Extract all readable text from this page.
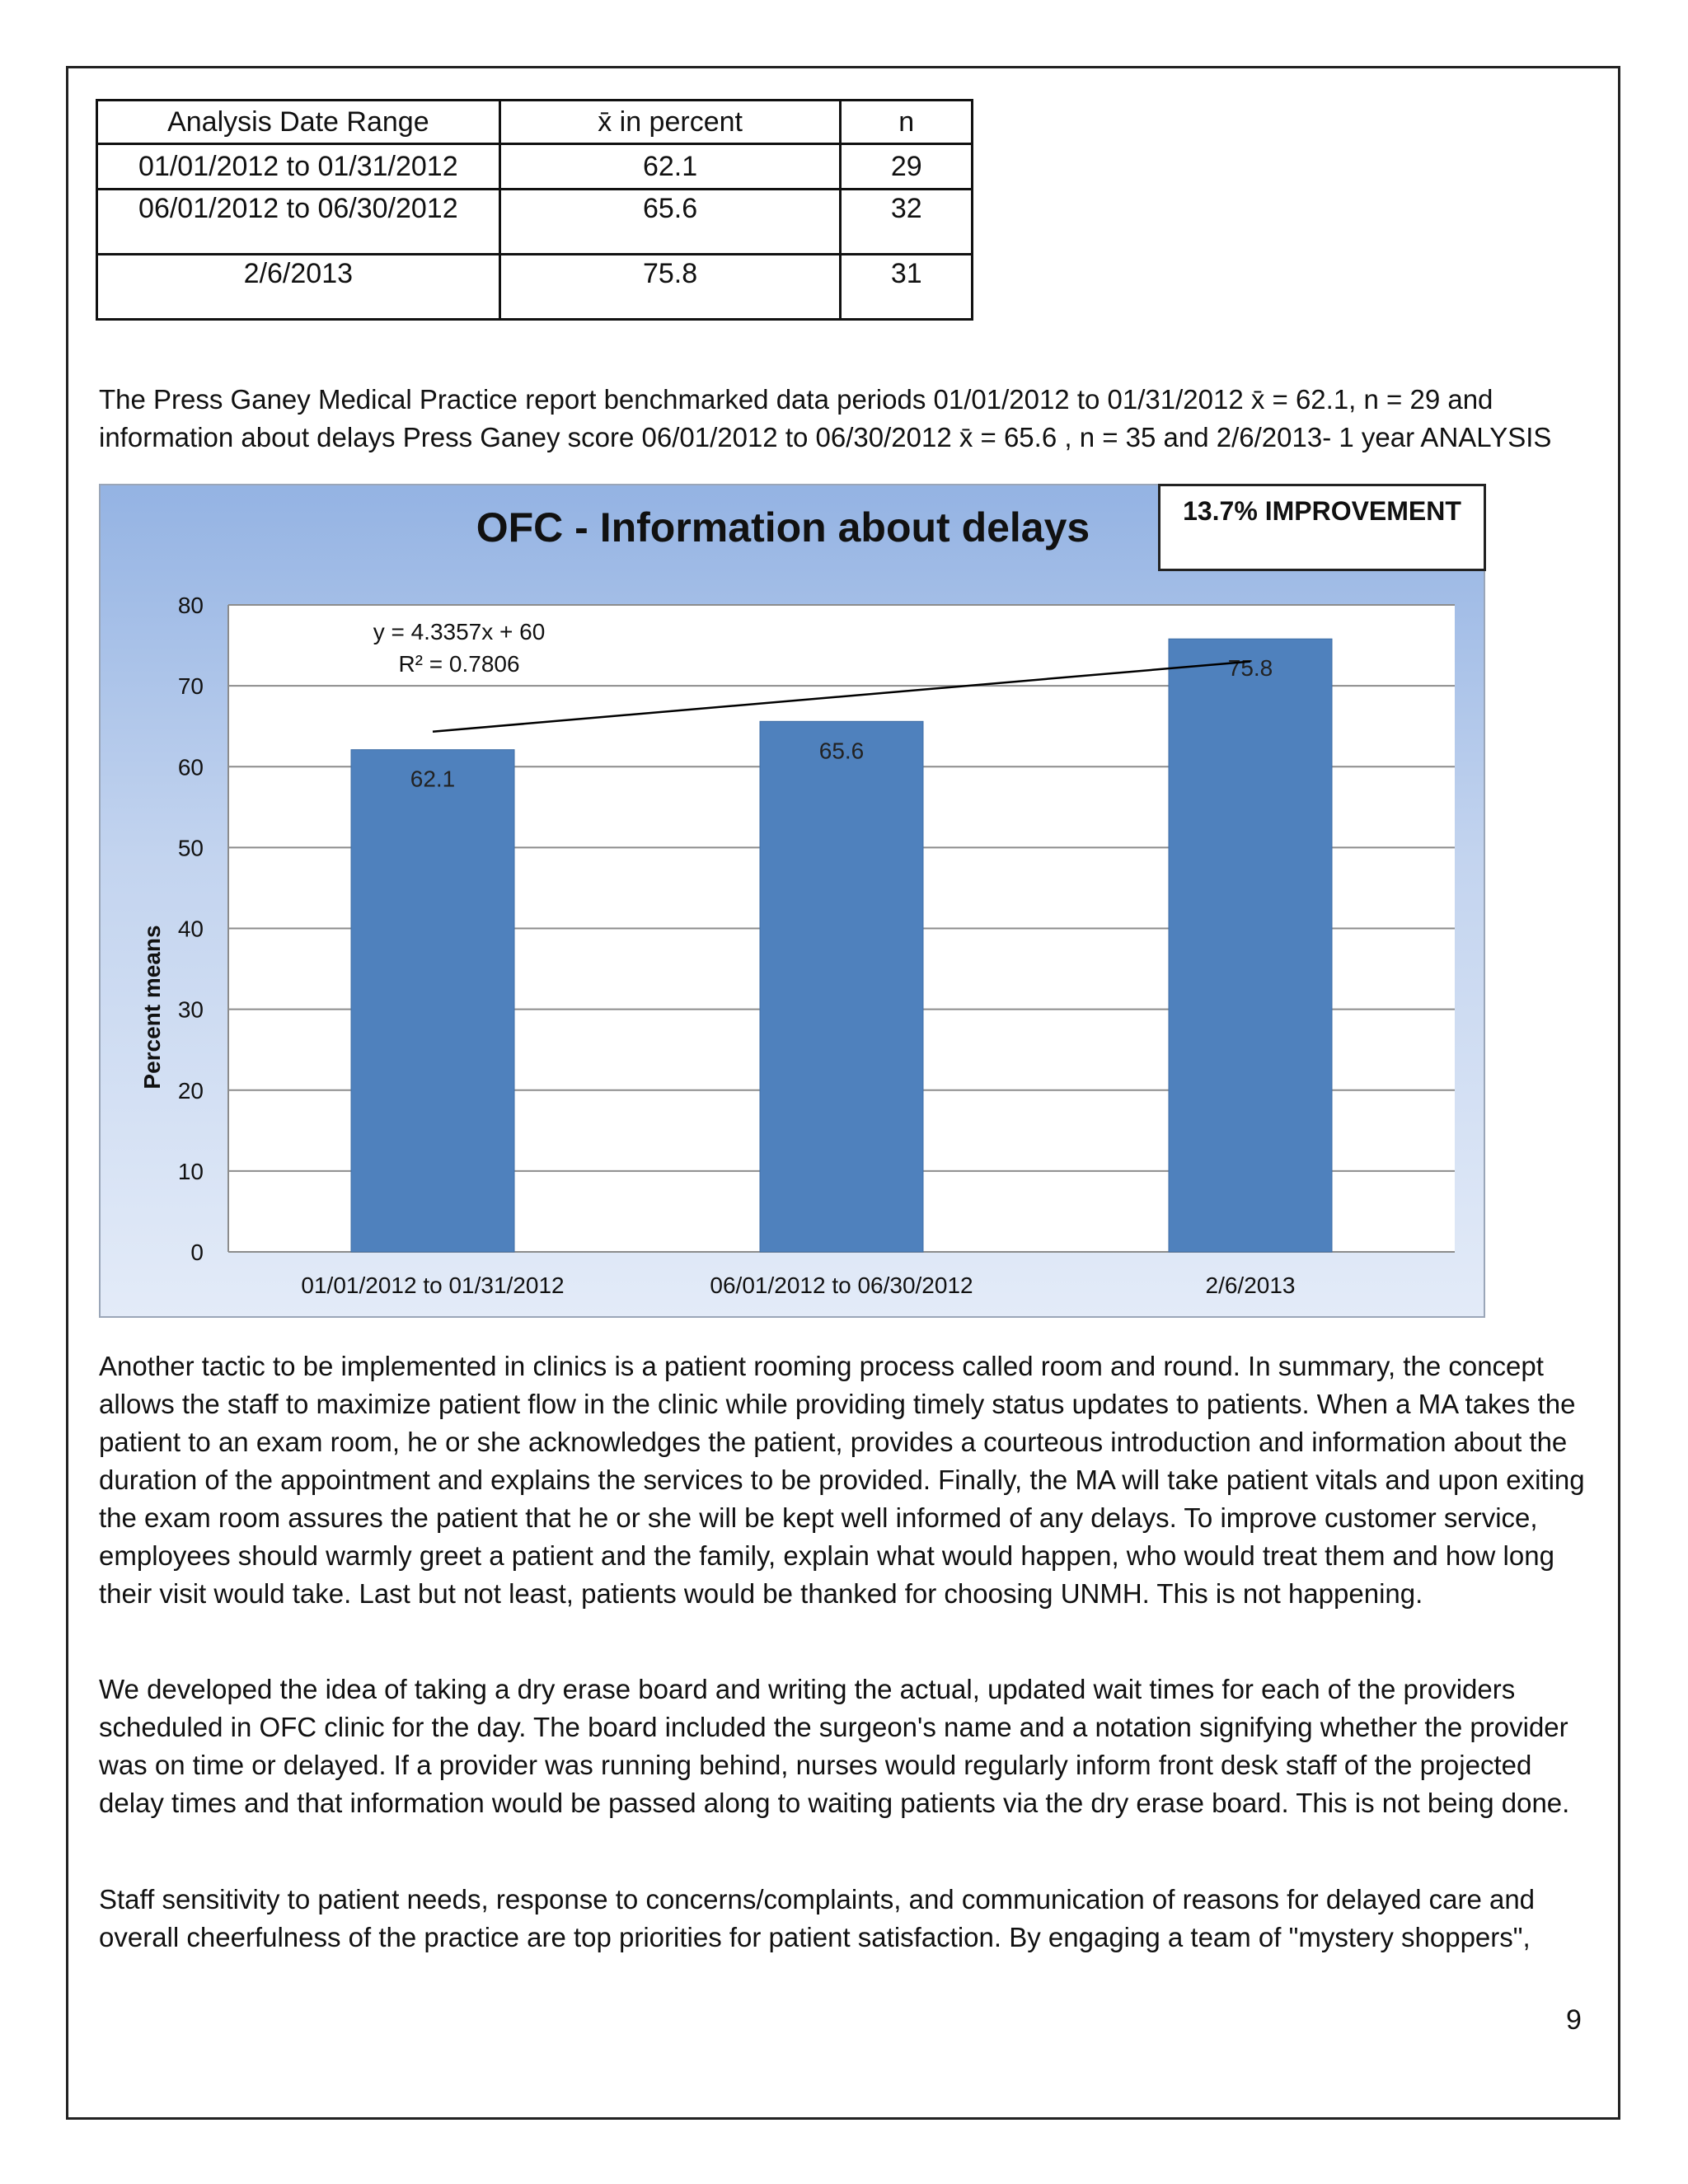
Analysis Date Range	x̄ in percent	n
01/01/2012 to 01/31/2012	62.1	29
06/01/2012 to 06/30/2012	65.6	32
2/6/2013	75.8	31

The Press Ganey Medical Practice report benchmarked data periods 01/01/2012 to 01/31/2012 x̄ = 62.1, n = 29 and information about delays Press Ganey score 06/01/2012 to 06/30/2012 x̄ = 65.6 , n = 35 and 2/6/2013- 1 year ANALYSIS

OFC - Information about delays
Percent means
0
10
20
30
40
50
60
70
80
62.1
65.6
75.8
01/01/2012 to 01/31/2012	06/01/2012 to 06/30/2012	2/6/2013
y = 4.3357x + 60
R² = 0.7806
13.7% IMPROVEMENT

Another tactic to be implemented in clinics is a patient rooming process called room and round. In summary, the concept allows the staff to maximize patient flow in the clinic while providing timely status updates to patients. When a MA takes the patient to an exam room, he or she acknowledges the patient, provides a courteous introduction and information about the duration of the appointment and explains the services to be provided. Finally, the MA will take patient vitals and upon exiting the exam room assures the patient that he or she will be kept well informed of any delays. To improve customer service, employees should warmly greet a patient and the family, explain what would happen, who would treat them and how long their visit would take. Last but not least, patients would be thanked for choosing UNMH. This is not happening.

We developed the idea of taking a dry erase board and writing the actual, updated wait times for each of the providers scheduled in OFC clinic for the day. The board included the surgeon's name and a notation signifying whether the provider was on time or delayed. If a provider was running behind, nurses would regularly inform front desk staff of the projected delay times and that information would be passed along to waiting patients via the dry erase board. This is not being done.

Staff sensitivity to patient needs, response to concerns/complaints, and communication of reasons for delayed care and overall cheerfulness of the practice are top priorities for patient satisfaction. By engaging a team of "mystery shoppers",

9
